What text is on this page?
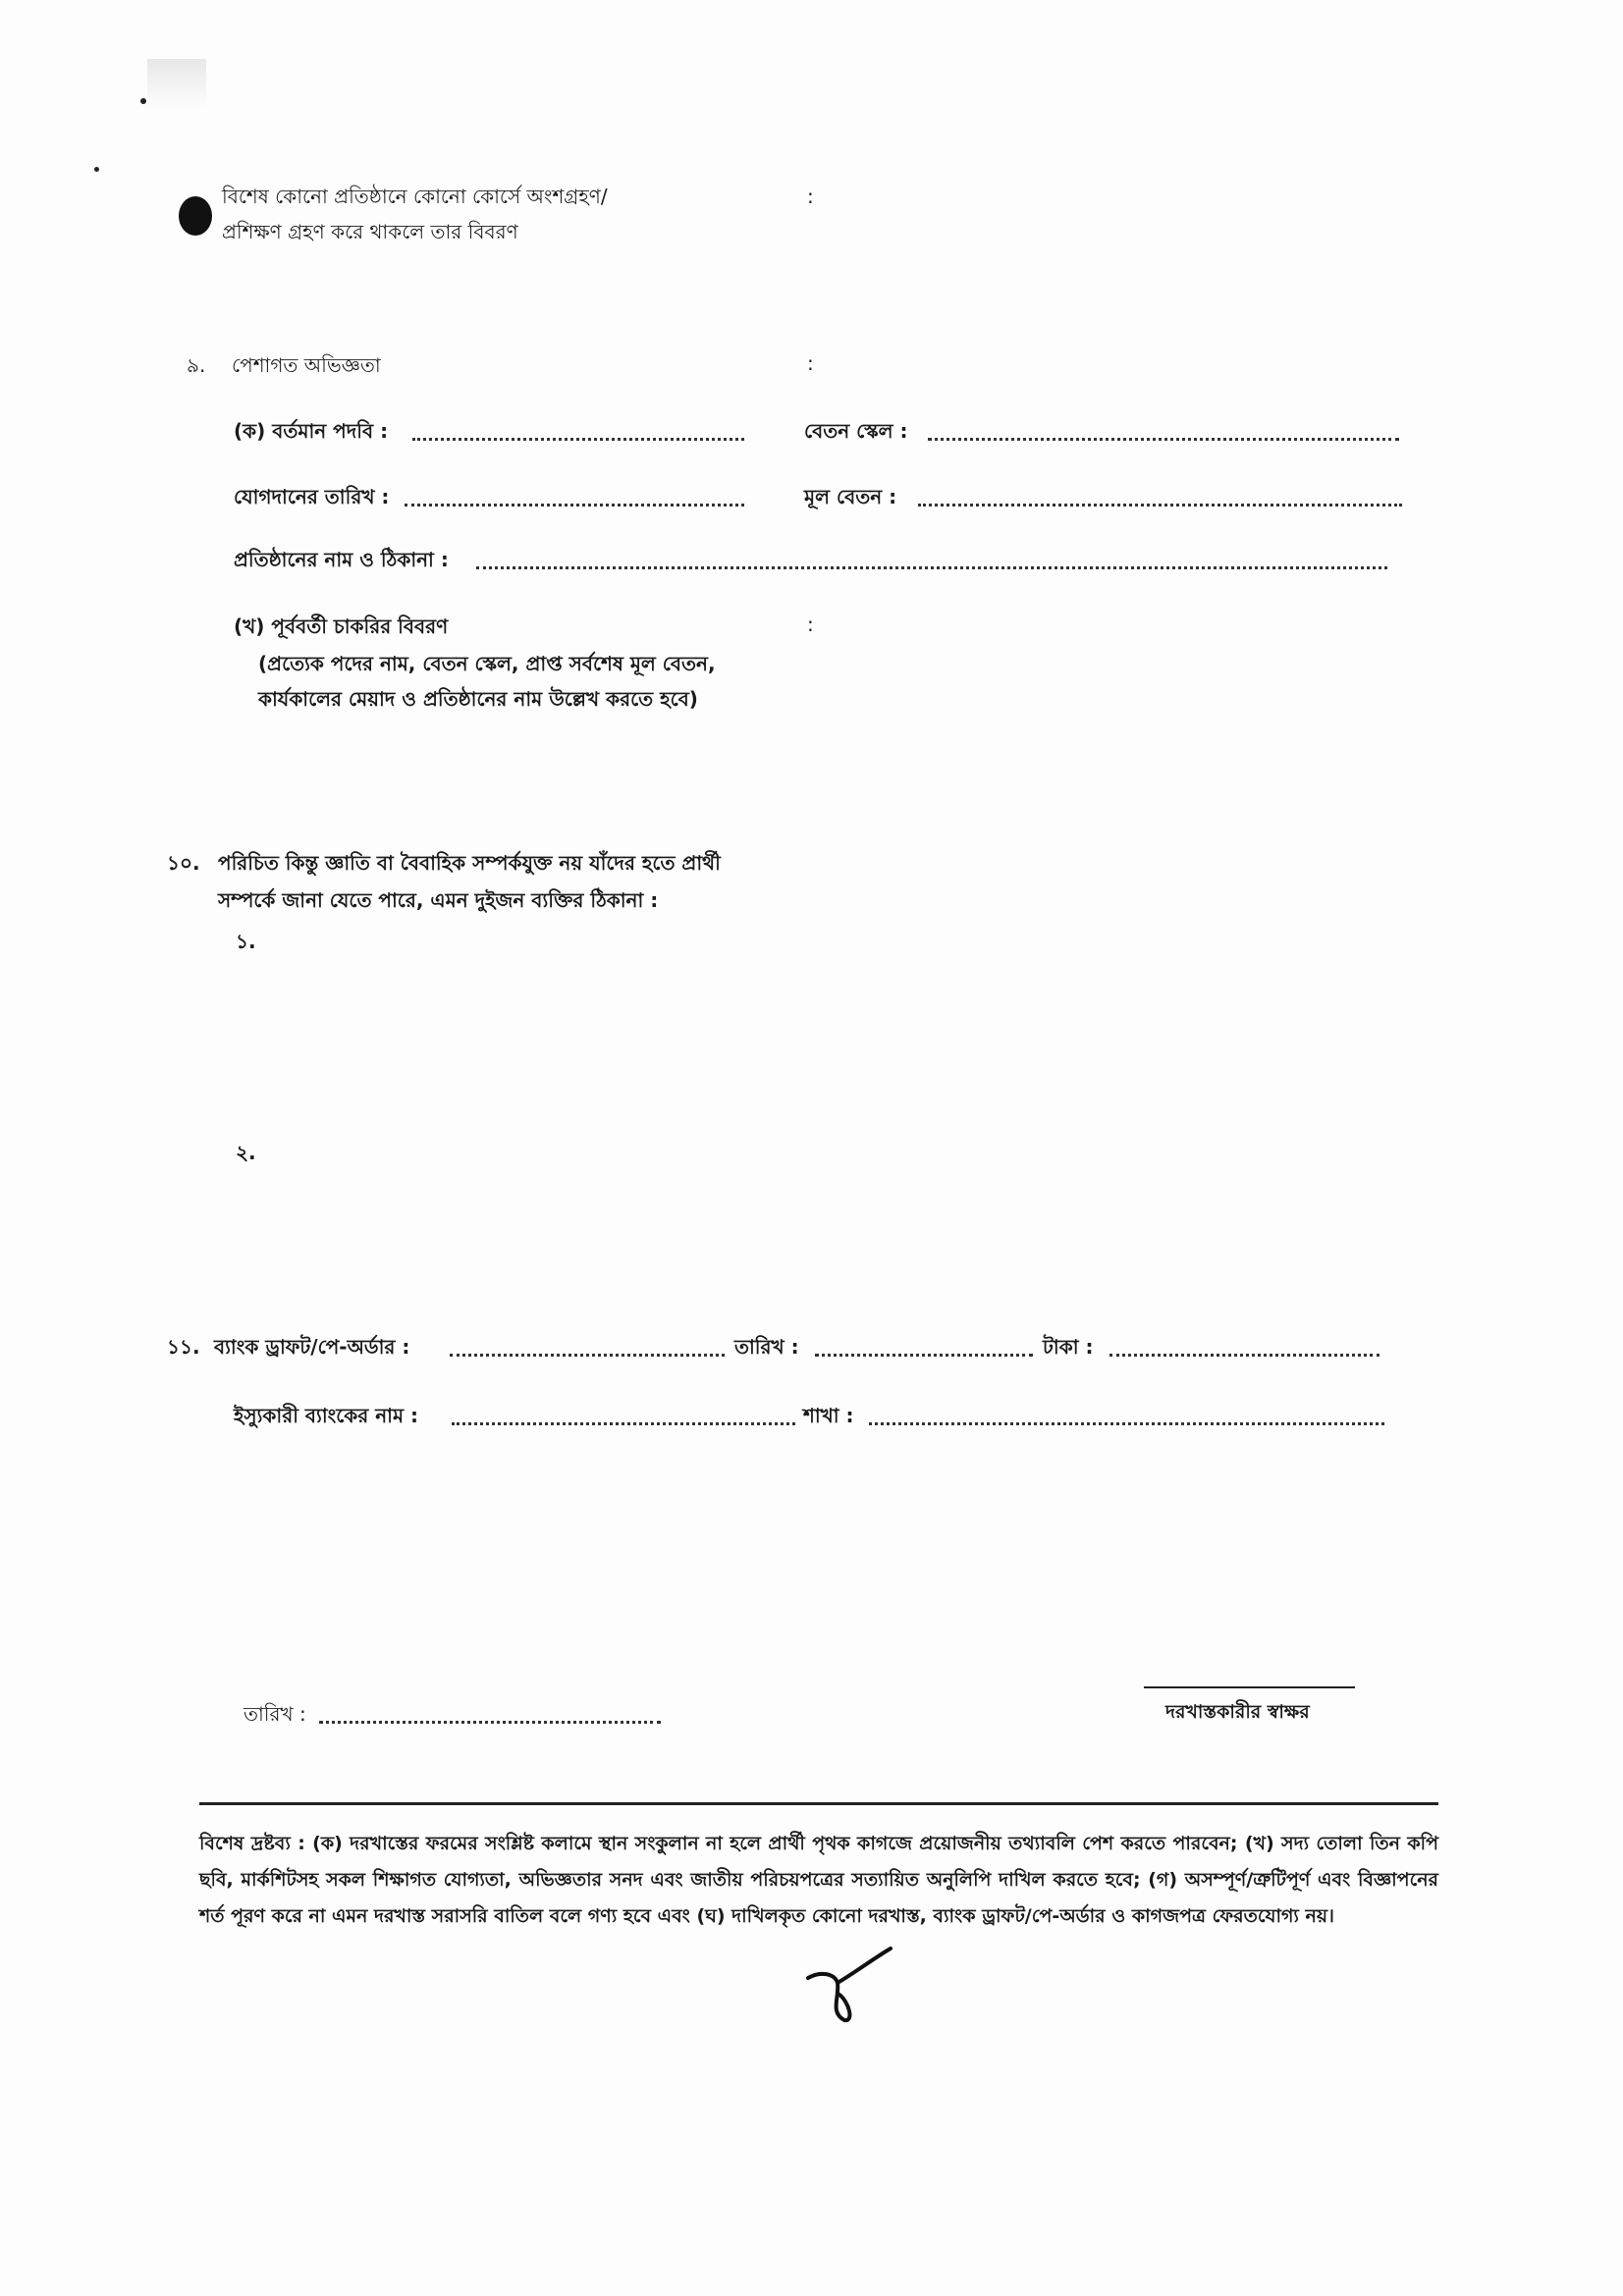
বিশেষ কোনো প্রতিষ্ঠানে কোনো কোর্সে অংশগ্রহণ/
প্রশিক্ষণ গ্রহণ করে থাকলে তার বিবরণ
:
৯. পেশাগত অভিজ্ঞতা	:
(ক) বর্তমান পদবি :	বেতন স্কেল :
যোগদানের তারিখ :	মূল বেতন :
প্রতিষ্ঠানের নাম ও ঠিকানা :
(খ) পূর্ববর্তী চাকরির বিবরণ	:
(প্রত্যেক পদের নাম, বেতন স্কেল, প্রাপ্ত সর্বশেষ মূল বেতন,
কার্যকালের মেয়াদ ও প্রতিষ্ঠানের নাম উল্লেখ করতে হবে)
১০. পরিচিত কিন্তু জ্ঞাতি বা বৈবাহিক সম্পর্কযুক্ত নয় যাঁদের হতে প্রার্থী
সম্পর্কে জানা যেতে পারে, এমন দুইজন ব্যক্তির ঠিকানা :
১.
২.
১১. ব্যাংক ড্রাফট/পে-অর্ডার :	তারিখ :	টাকা :
ইস্যুকারী ব্যাংকের নাম :	শাখা :
তারিখ :	দরখাস্তকারীর স্বাক্ষর
বিশেষ দ্রষ্টব্য : (ক) দরখাস্তের ফরমের সংশ্লিষ্ট কলামে স্থান সংকুলান না হলে প্রার্থী পৃথক কাগজে প্রয়োজনীয় তথ্যাবলি পেশ করতে পারবেন; (খ) সদ্য তোলা তিন কপি ছবি, মার্কশিটসহ সকল শিক্ষাগত যোগ্যতা, অভিজ্ঞতার সনদ এবং জাতীয় পরিচয়পত্রের সত্যায়িত অনুলিপি দাখিল করতে হবে; (গ) অসম্পূর্ণ/ত্রুটিপূর্ণ এবং বিজ্ঞাপনের শর্ত পূরণ করে না এমন দরখাস্ত সরাসরি বাতিল বলে গণ্য হবে এবং (ঘ) দাখিলকৃত কোনো দরখাস্ত, ব্যাংক ড্রাফট/পে-অর্ডার ও কাগজপত্র ফেরতযোগ্য নয়।
